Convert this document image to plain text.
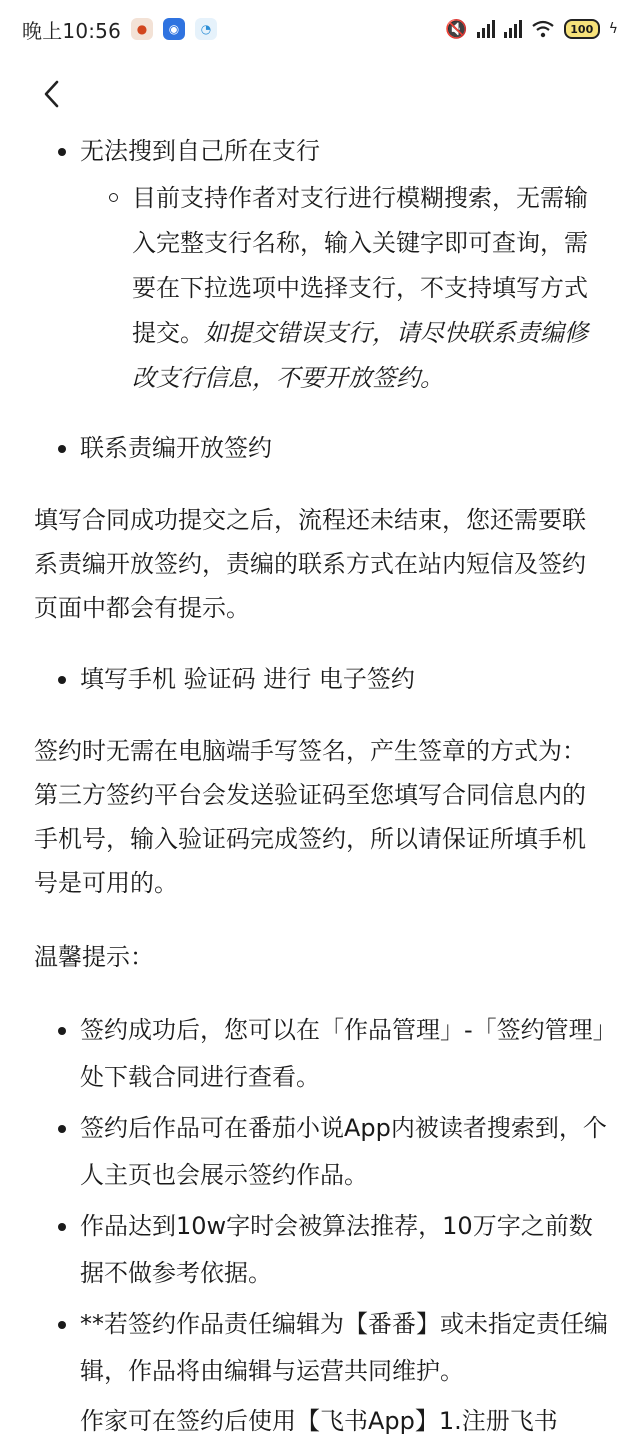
晚上10:56	●	◉	◔	🔇	100 ϟ
无法搜到自己所在支行
目前支持作者对支行进行模糊搜索，无需输入完整支行名称，输入关键字即可查询，需要在下拉选项中选择支行，不支持填写方式提交。如提交错误支行，请尽快联系责编修改支行信息，不要开放签约。
联系责编开放签约
填写合同成功提交之后，流程还未结束，您还需要联系责编开放签约，责编的联系方式在站内短信及签约页面中都会有提示。
填写手机 验证码 进行 电子签约
签约时无需在电脑端手写签名，产生签章的方式为：第三方签约平台会发送验证码至您填写合同信息内的手机号，输入验证码完成签约，所以请保证所填手机号是可用的。
温馨提示：
签约成功后，您可以在「作品管理」-「签约管理」处下载合同进行查看。
签约后作品可在番茄小说App内被读者搜索到，个人主页也会展示签约作品。
作品达到10w字时会被算法推荐，10万字之前数据不做参考依据。
**若签约作品责任编辑为【番番】或未指定责任编辑，作品将由编辑与运营共同维护。
作家可在签约后使用【飞书App】1.注册飞书
